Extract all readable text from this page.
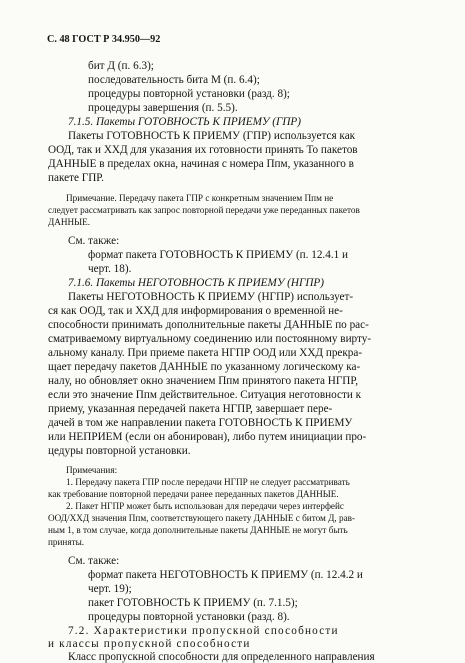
С. 48 ГОСТ Р 34.950—92
бит Д (п. 6.3);
последовательность бита M (п. 6.4);
процедуры повторной установки (разд. 8);
процедуры завершения (п. 5.5).
7.1.5. Пакеты ГОТОВНОСТЬ К ПРИЕМУ (ГПР)
Пакеты ГОТОВНОСТЬ К ПРИЕМУ (ГПР) используется как
ООД, так и ХХД для указания их готовности принять То пакетов
ДАННЫЕ в пределах окна, начиная с номера Ппм, указанного в
пакете ГПР.
Примечание. Передачу пакета ГПР с конкретным значением Ппм не
следует рассматривать как запрос повторной передачи уже переданных пакетов
ДАННЫЕ.
См. также:
формат пакета ГОТОВНОСТЬ К ПРИЕМУ (п. 12.4.1 и
черт. 18).
7.1.6. Пакеты НЕГОТОВНОСТЬ К ПРИЕМУ (НГПР)
Пакеты НЕГОТОВНОСТЬ К ПРИЕМУ (НГПР) использует-
ся как ООД, так и ХХД для информирования о временной не-
способности принимать дополнительные пакеты ДАННЫЕ по рас-
сматриваемому виртуальному соединению или постоянному вирту-
альному каналу. При приеме пакета НГПР ООД или ХХД прекра-
щает передачу пакетов ДАННЫЕ по указанному логическому ка-
налу, но обновляет окно значением Ппм принятого пакета НГПР,
если это значение Ппм действительное. Ситуация неготовности к
приему, указанная передачей пакета НГПР, завершает пере-
дачей в том же направлении пакета ГОТОВНОСТЬ К ПРИЕМУ
или НЕПРИЕМ (если он абонирован), либо путем инициации про-
цедуры повторной установки.
Примечания:
1. Передачу пакета ГПР после передачи НГПР не следует рассматривать
как требование повторной передачи ранее переданных пакетов ДАННЫЕ.
2. Пакет НГПР может быть использован для передачи через интерфейс
ООД/ХХД значения Ппм, соответствующего пакету ДАННЫЕ с битом Д, рав-
ным 1, в том случае, когда дополнительные пакеты ДАННЫЕ не могут быть
приняты.
См. также:
формат пакета НЕГОТОВНОСТЬ К ПРИЕМУ (п. 12.4.2 и
черт. 19);
пакет ГОТОВНОСТЬ К ПРИЕМУ (п. 7.1.5);
процедуры повторной установки (разд. 8).
7.2. Характеристики пропускной способности
и классы пропускной способности
Класс пропускной способности для определенного направления
